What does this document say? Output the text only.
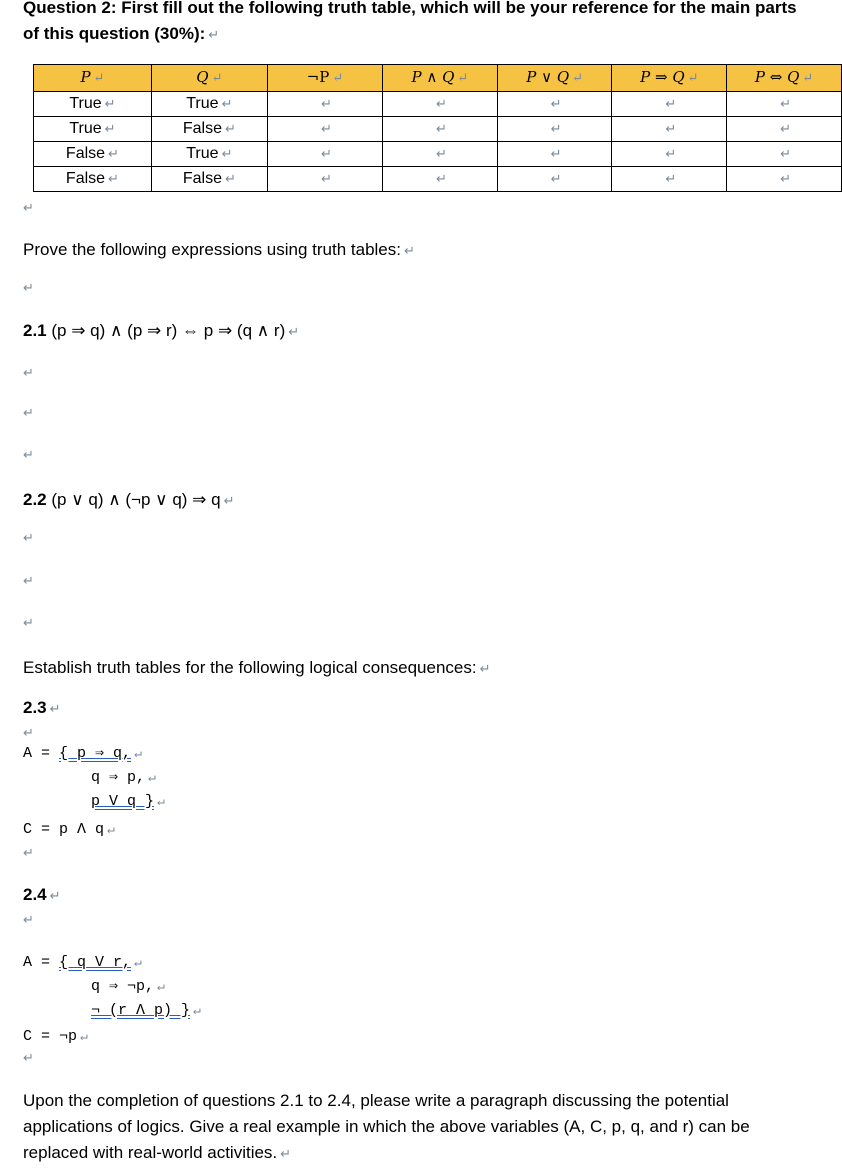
Question 2: First fill out the following truth table, which will be your reference for the main parts
of this question (30%): ↵
P ↵	Q ↵	¬P ↵	P ∧ Q ↵	P ∨ Q ↵	P ⇒ Q ↵	P ⇔ Q ↵
True ↵	True ↵	↵	↵	↵	↵	↵
True ↵	False ↵	↵	↵	↵	↵	↵
False ↵	True ↵	↵	↵	↵	↵	↵
False ↵	False ↵	↵	↵	↵	↵	↵
↵
Prove the following expressions using truth tables: ↵
↵
2.1 (p ⇒ q) ∧ (p ⇒ r) ⇔ p ⇒ (q ∧ r) ↵
↵
↵
↵
2.2 (p ∨ q) ∧ (¬p ∨ q) ⇒ q ↵
↵
↵
↵
Establish truth tables for the following logical consequences: ↵
2.3 ↵
↵
A = { p ⇒ q, ↵
q ⇒ p, ↵
p V q } ↵
C = p Λ q ↵
↵
2.4 ↵
↵
A = { q V r, ↵
q ⇒ ¬p, ↵
¬ (r Λ p) } ↵
C = ¬p ↵
↵
Upon the completion of questions 2.1 to 2.4, please write a paragraph discussing the potential
applications of logics. Give a real example in which the above variables (A, C, p, q, and r) can be
replaced with real-world activities. ↵
